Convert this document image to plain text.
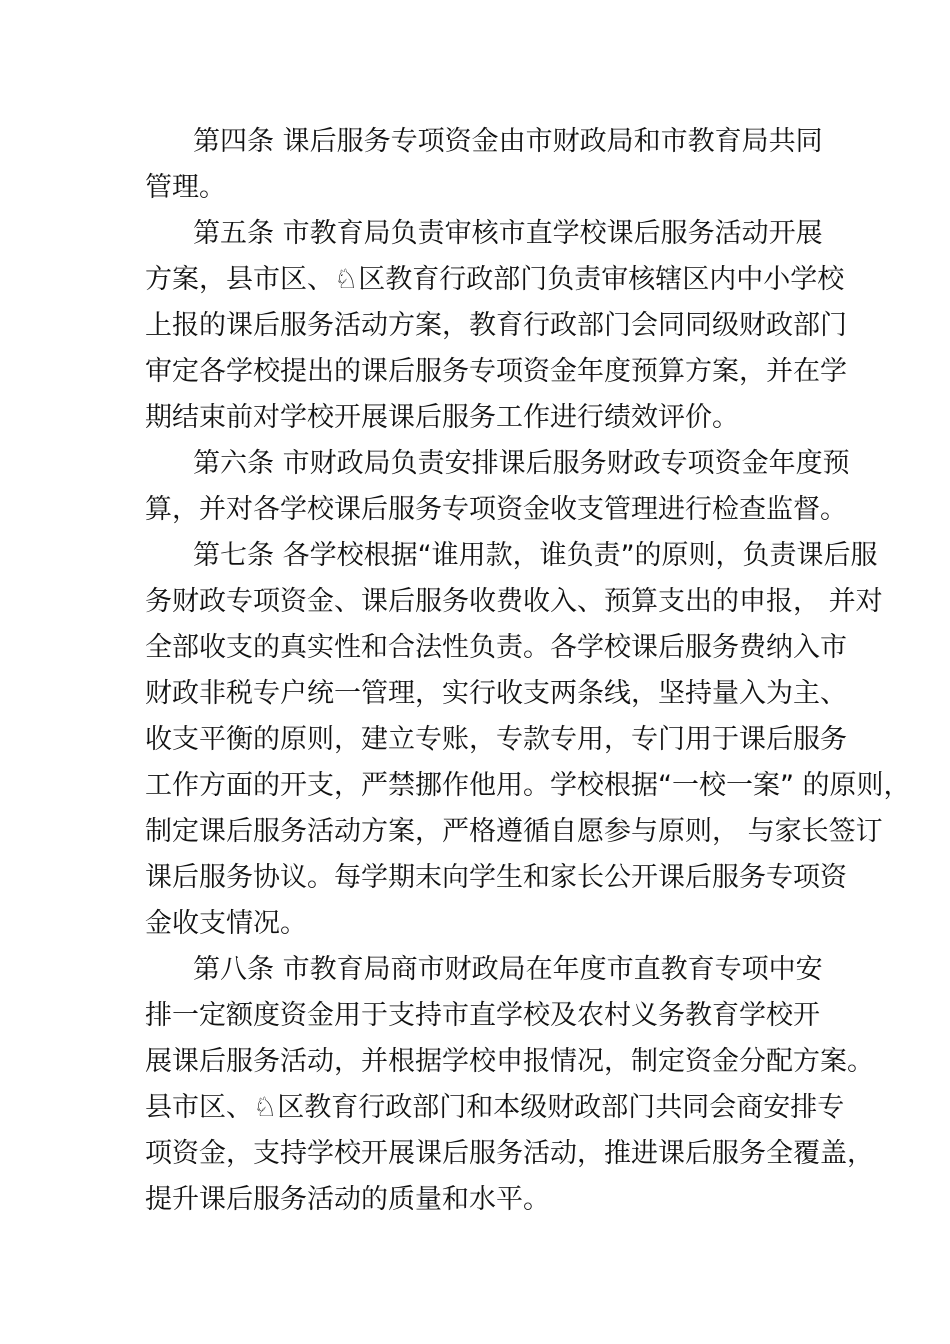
第四条 课后服务专项资金由市财政局和市教育局共同
管理。
第五条 市教育局负责审核市直学校课后服务活动开展
方案，县市区、♘区教育行政部门负责审核辖区内中小学校
上报的课后服务活动方案，教育行政部门会同同级财政部门
审定各学校提出的课后服务专项资金年度预算方案，并在学
期结束前对学校开展课后服务工作进行绩效评价。
第六条 市财政局负责安排课后服务财政专项资金年度预
算，并对各学校课后服务专项资金收支管理进行检查监督。
第七条 各学校根据“谁用款，谁负责”的原则，负责课后服
务财政专项资金、课后服务收费收入、预算支出的申报， 并对
全部收支的真实性和合法性负责。各学校课后服务费纳入市
财政非税专户统一管理，实行收支两条线，坚持量入为主、
收支平衡的原则，建立专账，专款专用，专门用于课后服务
工作方面的开支，严禁挪作他用。学校根据“一校一案” 的原则，
制定课后服务活动方案，严格遵循自愿参与原则， 与家长签订
课后服务协议。每学期末向学生和家长公开课后服务专项资
金收支情况。
第八条 市教育局商市财政局在年度市直教育专项中安
排一定额度资金用于支持市直学校及农村义务教育学校开
展课后服务活动，并根据学校申报情况，制定资金分配方案。
县市区、♘区教育行政部门和本级财政部门共同会商安排专
项资金，支持学校开展课后服务活动，推进课后服务全覆盖，
提升课后服务活动的质量和水平。
